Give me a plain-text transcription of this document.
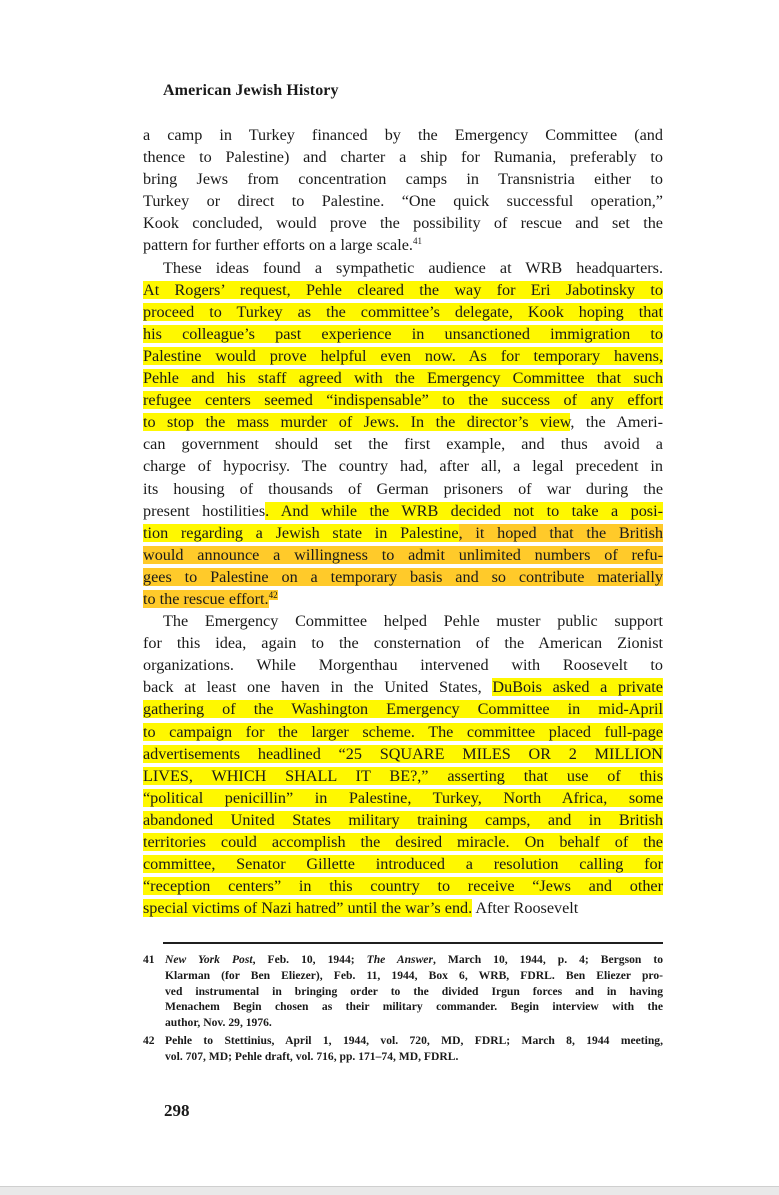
American Jewish History
a camp in Turkey financed by the Emergency Committee (and
thence to Palestine) and charter a ship for Rumania, preferably to
bring Jews from concentration camps in Transnistria either to
Turkey or direct to Palestine. “One quick successful operation,”
Kook concluded, would prove the possibility of rescue and set the
pattern for further efforts on a large scale.$^{41}$
These ideas found a sympathetic audience at WRB headquarters.
At Rogers’ request, Pehle cleared the way for Eri Jabotinsky to
proceed to Turkey as the committee’s delegate, Kook hoping that
his colleague’s past experience in unsanctioned immigration to
Palestine would prove helpful even now. As for temporary havens,
Pehle and his staff agreed with the Emergency Committee that such
refugee centers seemed “indispensable” to the success of any effort
to stop the mass murder of Jews. In the director’s view, the Ameri-
can government should set the first example, and thus avoid a
charge of hypocrisy. The country had, after all, a legal precedent in
its housing of thousands of German prisoners of war during the
present hostilities. And while the WRB decided not to take a posi-
tion regarding a Jewish state in Palestine, it hoped that the British
would announce a willingness to admit unlimited numbers of refu-
gees to Palestine on a temporary basis and so contribute materially
to the rescue effort.$^{42}$
The Emergency Committee helped Pehle muster public support
for this idea, again to the consternation of the American Zionist
organizations. While Morgenthau intervened with Roosevelt to
back at least one haven in the United States, DuBois asked a private
gathering of the Washington Emergency Committee in mid-April
to campaign for the larger scheme. The committee placed full-page
advertisements headlined “25 SQUARE MILES OR 2 MILLION
LIVES, WHICH SHALL IT BE?,” asserting that use of this
“political penicillin” in Palestine, Turkey, North Africa, some
abandoned United States military training camps, and in British
territories could accomplish the desired miracle. On behalf of the
committee, Senator Gillette introduced a resolution calling for
“reception centers” in this country to receive “Jews and other
special victims of Nazi hatred” until the war’s end. After Roosevelt
41 New York Post, Feb. 10, 1944; The Answer, March 10, 1944, p. 4; Bergson to
Klarman (for Ben Eliezer), Feb. 11, 1944, Box 6, WRB, FDRL. Ben Eliezer pro-
ved instrumental in bringing order to the divided Irgun forces and in having
Menachem Begin chosen as their military commander. Begin interview with the
author, Nov. 29, 1976.
42 Pehle to Stettinius, April 1, 1944, vol. 720, MD, FDRL; March 8, 1944 meeting,
vol. 707, MD; Pehle draft, vol. 716, pp. 171–74, MD, FDRL.
298
